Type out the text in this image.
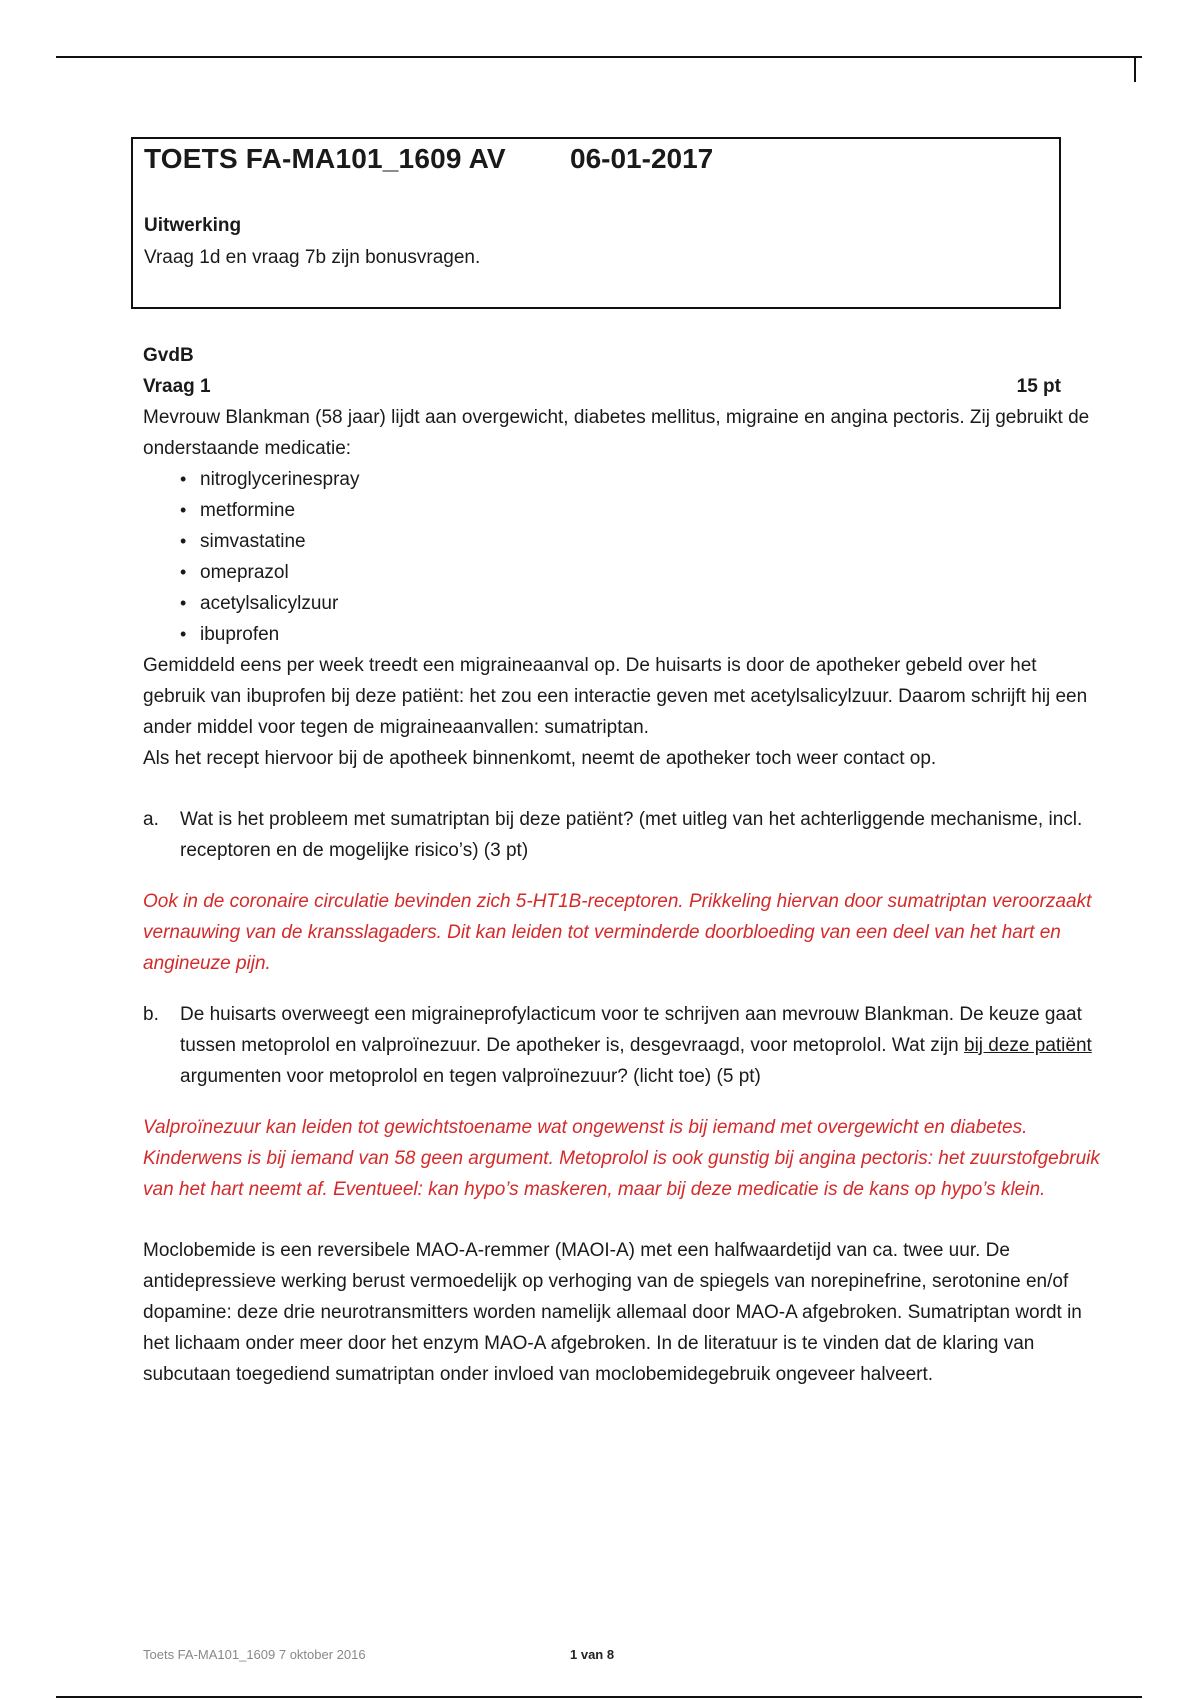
TOETS FA-MA101_1609 AV 06-01-2017
Uitwerking
Vraag 1d en vraag 7b zijn bonusvragen.

GvdB

Vraag 1	15 pt

Mevrouw Blankman (58 jaar) lijdt aan overgewicht, diabetes mellitus, migraine en angina pectoris. Zij gebruikt de onderstaande medicatie:

• nitroglycerinespray
• metformine
• simvastatine
• omeprazol
• acetylsalicylzuur
• ibuprofen

Gemiddeld eens per week treedt een migraineaanval op. De huisarts is door de apotheker gebeld over het gebruik van ibuprofen bij deze patiënt: het zou een interactie geven met acetylsalicylzuur. Daarom schrijft hij een ander middel voor tegen de migraineaanvallen: sumatriptan.

Als het recept hiervoor bij de apotheek binnenkomt, neemt de apotheker toch weer contact op.

a.	Wat is het probleem met sumatriptan bij deze patiënt? (met uitleg van het achterliggende mechanisme, incl. receptoren en de mogelijke risico’s) (3 pt)

Ook in de coronaire circulatie bevinden zich 5-HT1B-receptoren. Prikkeling hiervan door sumatriptan veroorzaakt vernauwing van de kransslagaders. Dit kan leiden tot verminderde doorbloeding van een deel van het hart en angineuze pijn.

b.	De huisarts overweegt een migraineprofylacticum voor te schrijven aan mevrouw Blankman. De keuze gaat tussen metoprolol en valproïnezuur. De apotheker is, desgevraagd, voor metoprolol. Wat zijn bij deze patiënt argumenten voor metoprolol en tegen valproïnezuur? (licht toe) (5 pt)

Valproïnezuur kan leiden tot gewichtstoename wat ongewenst is bij iemand met overgewicht en diabetes. Kinderwens is bij iemand van 58 geen argument. Metoprolol is ook gunstig bij angina pectoris: het zuurstofgebruik van het hart neemt af. Eventueel: kan hypo’s maskeren, maar bij deze medicatie is de kans op hypo’s klein.

Moclobemide is een reversibele MAO-A-remmer (MAOI-A) met een halfwaardetijd van ca. twee uur. De antidepressieve werking berust vermoedelijk op verhoging van de spiegels van norepinefrine, serotonine en/of dopamine: deze drie neurotransmitters worden namelijk allemaal door MAO-A afgebroken. Sumatriptan wordt in het lichaam onder meer door het enzym MAO-A afgebroken. In de literatuur is te vinden dat de klaring van subcutaan toegediend sumatriptan onder invloed van moclobemidegebruik ongeveer halveert.

Toets FA-MA101_1609 7 oktober 2016	1 van 8
